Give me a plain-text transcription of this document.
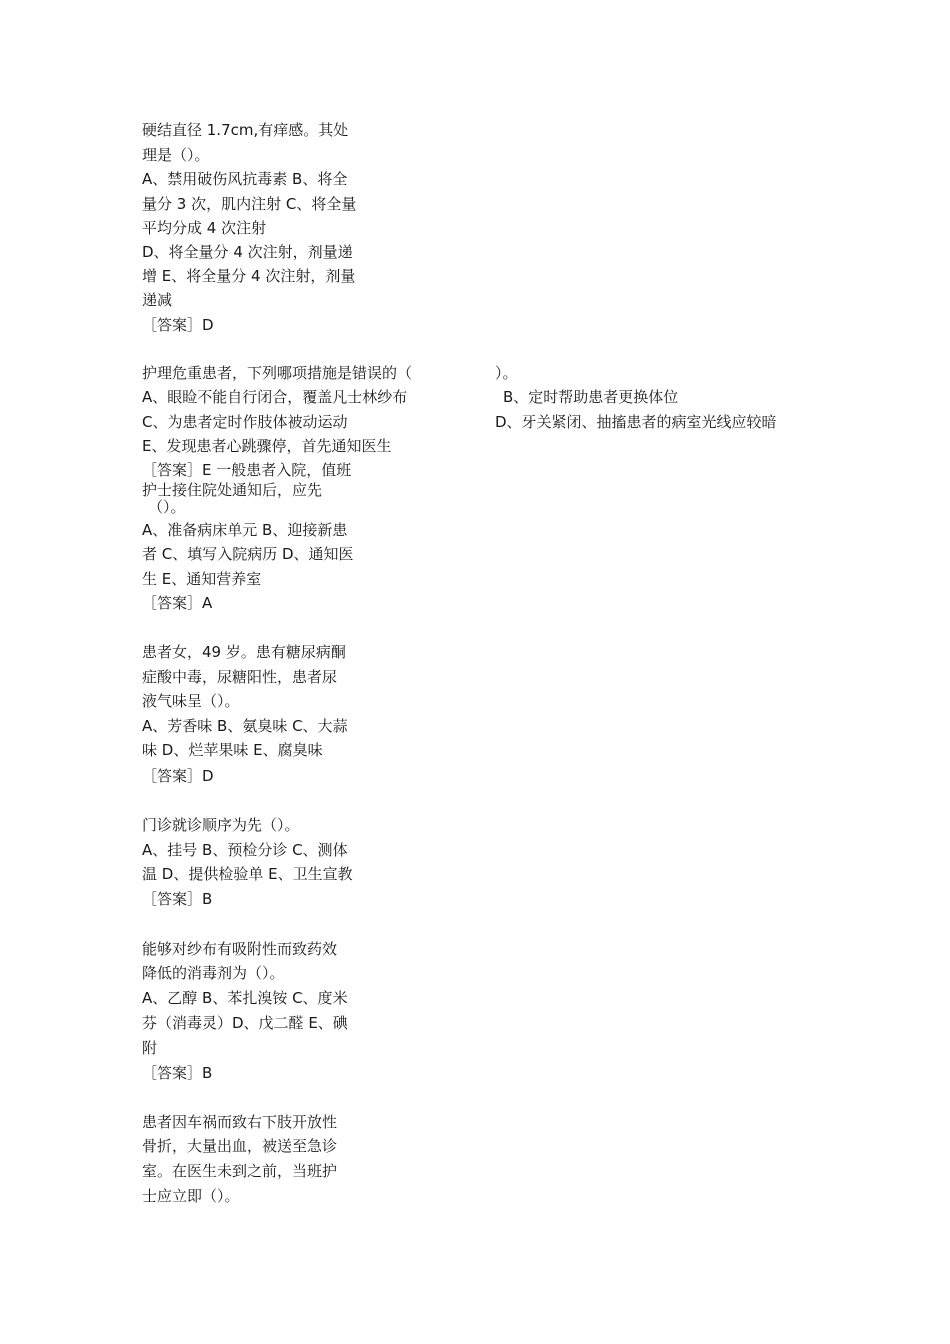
硬结直径 1.7cm,有痒感。其处
理是（）。
A、禁用破伤风抗毒素 B、将全
量分 3 次，肌内注射 C、将全量
平均分成 4 次注射
D、将全量分 4 次注射，剂量递
增 E、将全量分 4 次注射，剂量
递减
［答案］D
护理危重患者，下列哪项措施是错误的（
A、眼睑不能自行闭合，覆盖凡士林纱布
C、为患者定时作肢体被动运动
E、发现患者心跳骤停，首先通知医生
）。
B、定时帮助患者更换体位
D、牙关紧闭、抽搐患者的病室光线应较暗
［答案］E 一般患者入院，值班
护士接住院处通知后，应先
（）。
A、准备病床单元 B、迎接新患
者 C、填写入院病历 D、通知医
生 E、通知营养室
［答案］A
患者女，49 岁。患有糖尿病酮
症酸中毒，尿糖阳性，患者尿
液气味呈（）。
A、芳香味 B、氨臭味 C、大蒜
味 D、烂苹果味 E、腐臭味
［答案］D
门诊就诊顺序为先（）。
A、挂号 B、预检分诊 C、测体
温 D、提供检验单 E、卫生宣教
［答案］B
能够对纱布有吸附性而致药效
降低的消毒剂为（）。
A、乙醇 B、苯扎溴铵 C、度米
芬（消毒灵）D、戊二醛 E、碘
附
［答案］B
患者因车祸而致右下肢开放性
骨折，大量出血，被送至急诊
室。在医生未到之前，当班护
士应立即（）。
